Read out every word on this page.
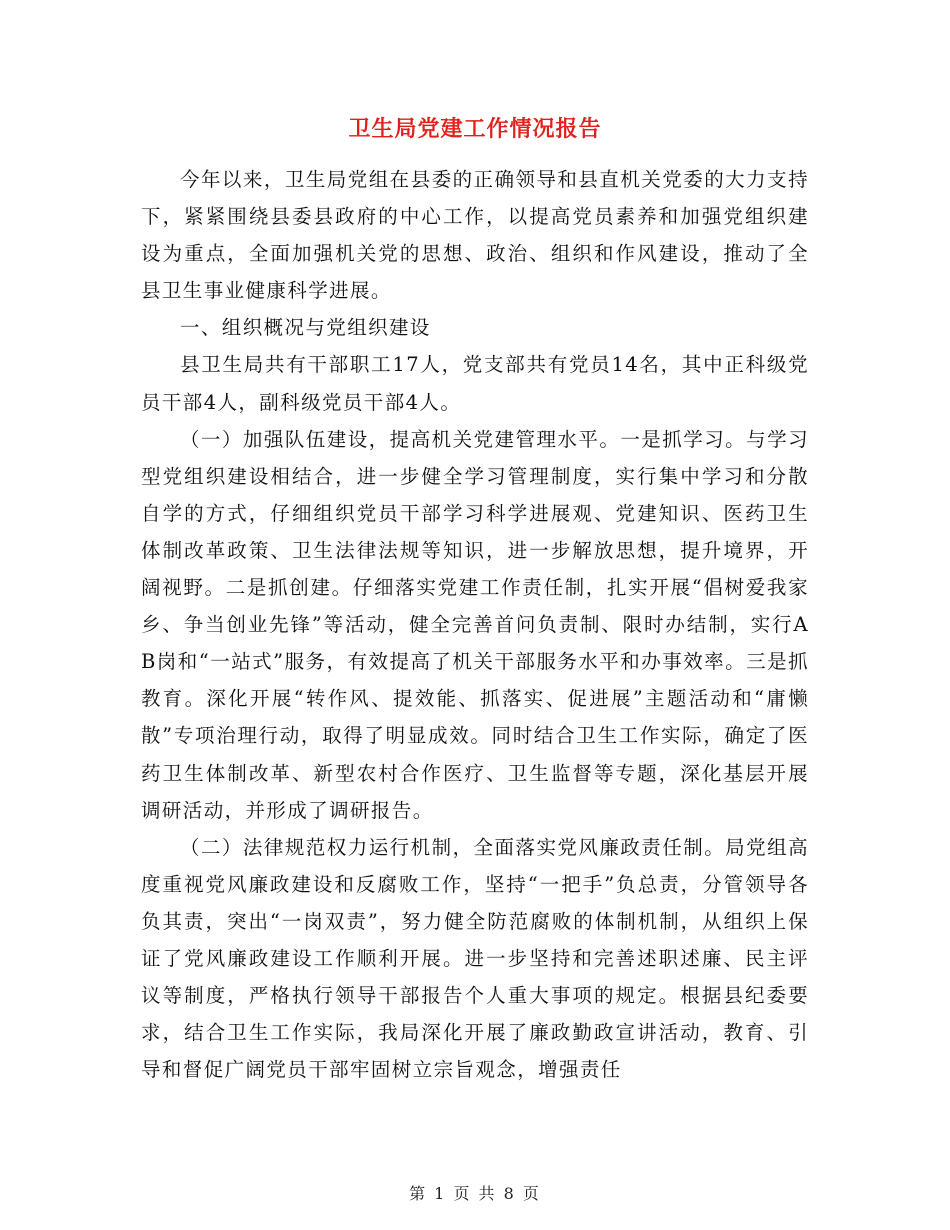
卫生局党建工作情况报告

今年以来，卫生局党组在县委的正确领导和县直机关党委的大力支持下，紧紧围绕县委县政府的中心工作，以提高党员素养和加强党组织建设为重点，全面加强机关党的思想、政治、组织和作风建设，推动了全县卫生事业健康科学进展。

一、组织概况与党组织建设

县卫生局共有干部职工17人，党支部共有党员14名，其中正科级党员干部4人，副科级党员干部4人。

（一）加强队伍建设，提高机关党建管理水平。一是抓学习。与学习型党组织建设相结合，进一步健全学习管理制度，实行集中学习和分散自学的方式，仔细组织党员干部学习科学进展观、党建知识、医药卫生体制改革政策、卫生法律法规等知识，进一步解放思想，提升境界，开阔视野。二是抓创建。仔细落实党建工作责任制，扎实开展“倡树爱我家乡、争当创业先锋”等活动，健全完善首问负责制、限时办结制，实行AB岗和“一站式”服务，有效提高了机关干部服务水平和办事效率。三是抓教育。深化开展“转作风、提效能、抓落实、促进展”主题活动和“庸懒散”专项治理行动，取得了明显成效。同时结合卫生工作实际，确定了医药卫生体制改革、新型农村合作医疗、卫生监督等专题，深化基层开展调研活动，并形成了调研报告。

（二）法律规范权力运行机制，全面落实党风廉政责任制。局党组高度重视党风廉政建设和反腐败工作，坚持“一把手”负总责，分管领导各负其责，突出“一岗双责”，努力健全防范腐败的体制机制，从组织上保证了党风廉政建设工作顺利开展。进一步坚持和完善述职述廉、民主评议等制度，严格执行领导干部报告个人重大事项的规定。根据县纪委要求，结合卫生工作实际，我局深化开展了廉政勤政宣讲活动，教育、引导和督促广阔党员干部牢固树立宗旨观念，增强责任

第 1 页 共 8 页
